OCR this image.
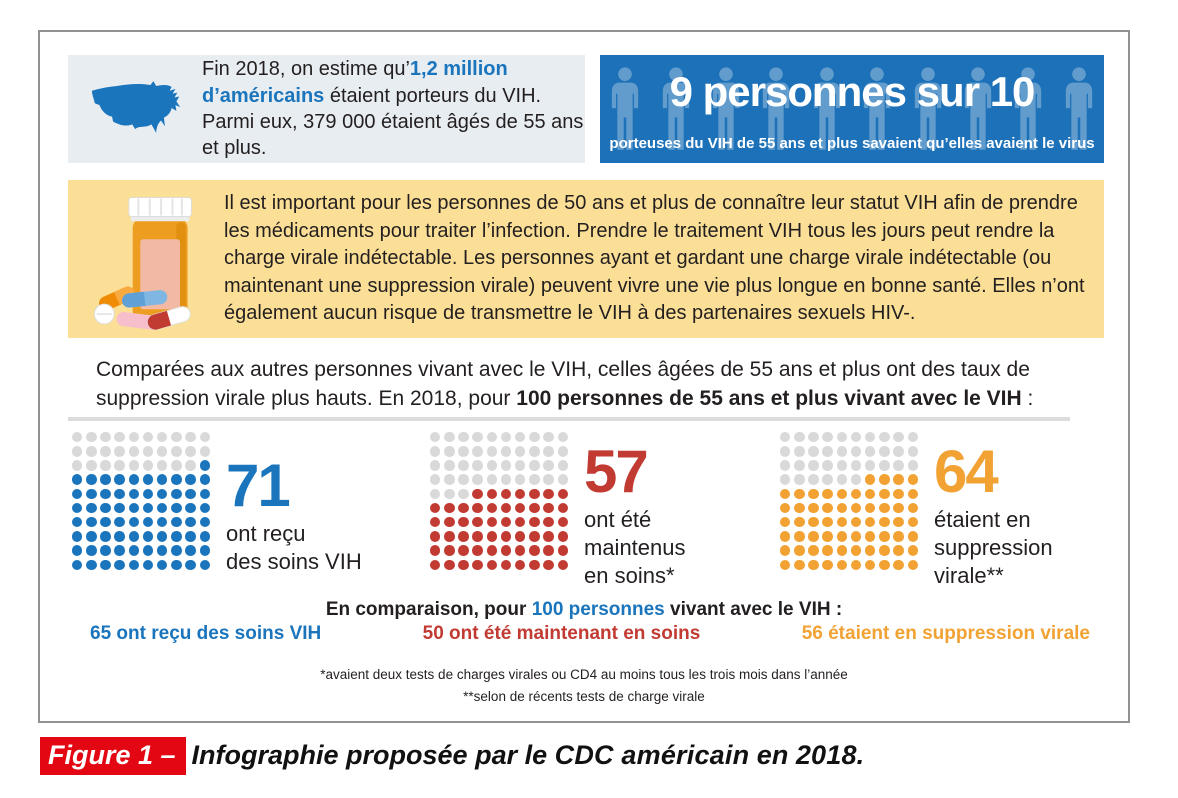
Fin 2018, on estime qu’1,2 million d’américains étaient porteurs du VIH. Parmi eux, 379 000 étaient âgés de 55 ans et plus.
9 personnes sur 10
porteuses du VIH de 55 ans et plus savaient qu’elles avaient le virus
Il est important pour les personnes de 50 ans et plus de connaître leur statut VIH afin de prendre les médicaments pour traiter l’infection. Prendre le traitement VIH tous les jours peut rendre la charge virale indétectable. Les personnes ayant et gardant une charge virale indétectable (ou maintenant une suppression virale) peuvent vivre une vie plus longue en bonne santé. Elles n’ont également aucun risque de transmettre le VIH à des partenaires sexuels HIV-.
Comparées aux autres personnes vivant avec le VIH, celles âgées de 55 ans et plus ont des taux de suppression virale plus hauts. En 2018, pour 100 personnes de 55 ans et plus vivant avec le VIH :
71
ont reçu
des soins VIH
57
ont été
maintenus
en soins*
64
étaient en
suppression
virale**
En comparaison, pour 100 personnes vivant avec le VIH :
65 ont reçu des soins VIH	50 ont été maintenant en soins	56 étaient en suppression virale
*avaient deux tests de charges virales ou CD4 au moins tous les trois mois dans l’année
**selon de récents tests de charge virale
Figure 1 – Infographie proposée par le CDC américain en 2018.
